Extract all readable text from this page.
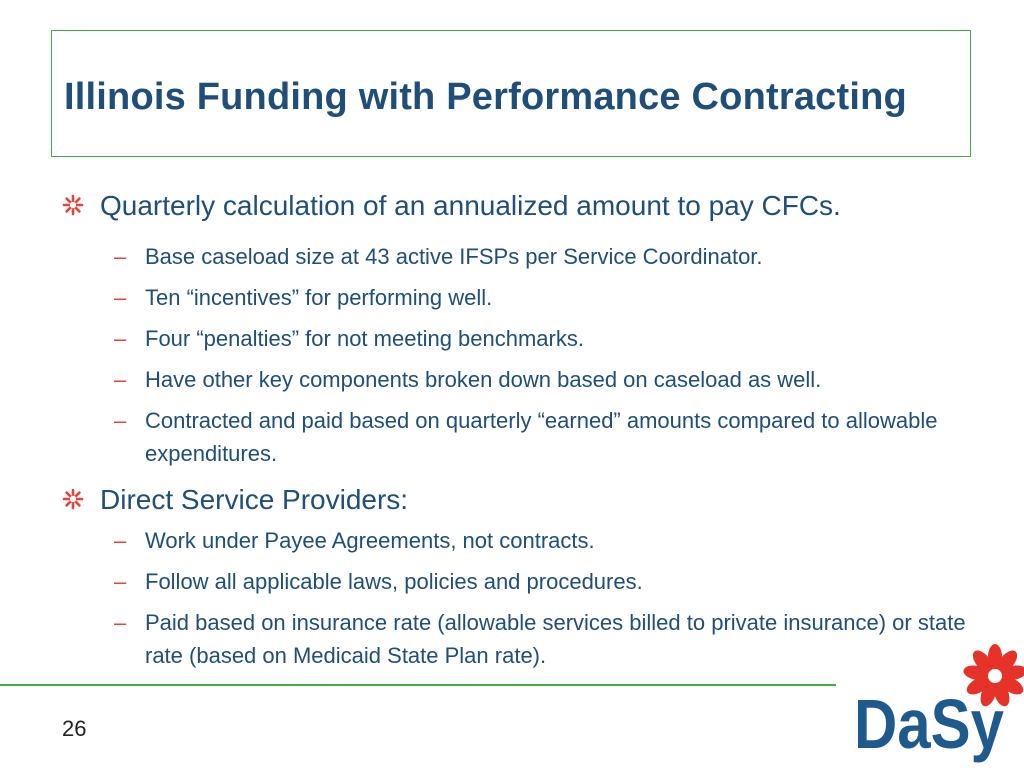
Illinois Funding with Performance Contracting
Quarterly calculation of an annualized amount to pay CFCs.
– Base caseload size at 43 active IFSPs per Service Coordinator.
– Ten “incentives” for performing well.
– Four “penalties” for not meeting benchmarks.
– Have other key components broken down based on caseload as well.
– Contracted and paid based on quarterly “earned” amounts compared to allowable expenditures.
Direct Service Providers:
– Work under Payee Agreements, not contracts.
– Follow all applicable laws, policies and procedures.
– Paid based on insurance rate (allowable services billed to private insurance) or state rate (based on Medicaid State Plan rate).
26	DaSy
